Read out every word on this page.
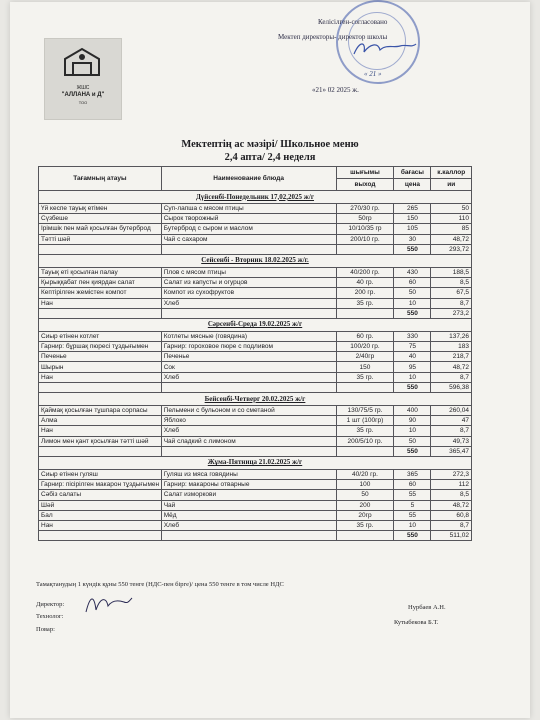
ЖШС
"АЛЛАНА и Д"
ТОО
Келісілген-согласовано
Мектеп директоры- директор школы
« 21 »
«21» 02 2025 ж.
Мектептің ас мәзірі/ Школьное меню
2,4 апта/ 2,4 неделя
Тағамның атауы	Наименование блюда	шығымы	бағасы	к.каллор
		выход	цена	ии
Дүйсенбі-Понедельник 17,02,2025 ж/г				
Үй кеспе тауық етімен	Суп-лапша с мясом птицы	270/30 гр.	265	50
Сүзбеше	Сырок творожный	50гр	150	110
Ірімшік пен май қосылған бутерброд	Бутерброд с сыром и маслом	10/10/35 гр	105	85
Тәтті шәй	Чай с сахаром	200/10 гр.	30	48,72
			550	293,72
Сейсенбі - Вторник 18.02.2025 ж/г.				
Тауық еті қосылған палау	Плов с мясом птицы	40/200 гр.	430	188,5
Қырыққабат пен қиярдан салат	Салат из капусты и огурцов	40 гр.	60	8,5
Кептірілген жемістен компот	Компот из сухофруктов	200 гр.	50	67,5
Нан	Хлеб	35 гр.	10	8,7
			550	273,2
Сәрсенбі-Среда 19.02.2025 ж/г				
Сиыр етінен котлет	Котлеты мясные (говядина)	60 гр.	330	137,26
Гарнир: бұршақ пюресі тұздығымен	Гарнир: гороховое пюре с подливом	100/20 гр.	75	183
Печенье	Печенье	2/40гр	40	218,7
Шырын	Сок	150	95	48,72
Нан	Хлеб	35 гр.	10	8,7
			550	596,38
Бейсенбі-Четверг 20.02.2025 ж/г				
Қаймақ қосылған тұшпара сорпасы	Пельмени с бульоном и со сметаной	130/75/5 гр.	400	260,04
Алма	Яблоко	1 шт (100гр)	90	47
Нан	Хлеб	35 гр.	10	8,7
Лимон мен қант қосылған тәтті шәй	Чай сладкий с лимоном	200/5/10 гр.	50	49,73
			550	365,47
Жұма-Пятница 21.02.2025 ж/г				
Сиыр етінен гуляш	Гуляш из мяса говядины	40/20 гр.	365	272,3
Гарнир: пісірілген макарон тұздығымен	Гарнир: макароны отварные	100	60	112
Сәбіз салаты	Салат изморкови	50	55	8,5
Шәй	Чай	200	5	48,72
Бал	Мёд	20гр	55	60,8
Нан	Хлеб	35 гр.	10	8,7
			550	511,02
Тамақтанудың 1 күндік құны 550 тенге (НДС-пен бірге)/ цена 550 тенге в том числе НДС
Директор:
Технолог:
Повар:
Нурбаев А.Н.
Кутыбекова Б.Т.
